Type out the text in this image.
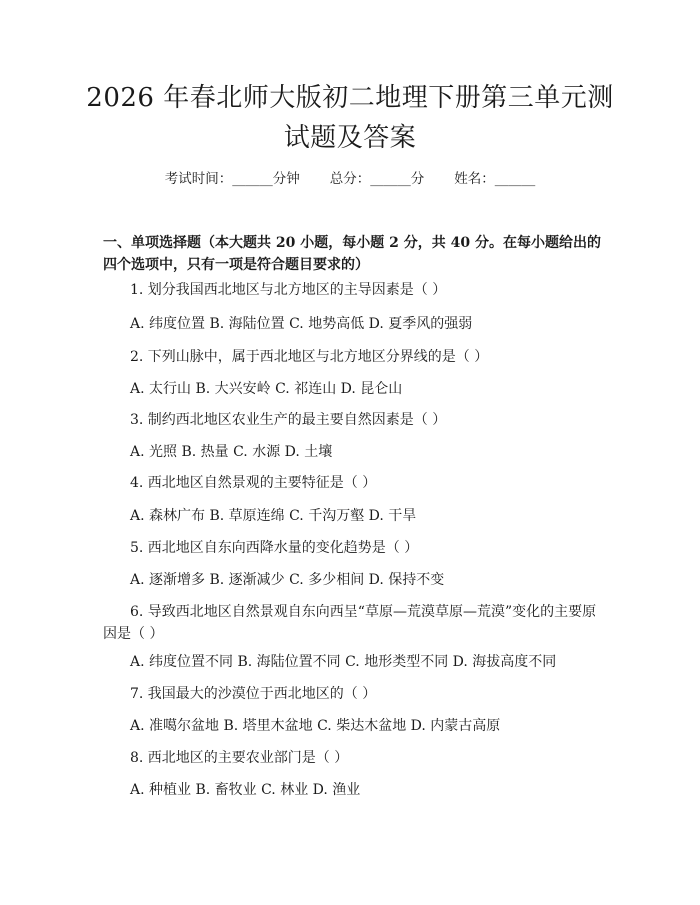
2026 年春北师大版初二地理下册第三单元测
试题及答案
考试时间：______分钟 总分：______分 姓名：______
一、单项选择题（本大题共 20 小题，每小题 2 分，共 40 分。在每小题给出的四个选项中，只有一项是符合题目要求的）
1. 划分我国西北地区与北方地区的主导因素是（ ）
A. 纬度位置 B. 海陆位置 C. 地势高低 D. 夏季风的强弱
2. 下列山脉中，属于西北地区与北方地区分界线的是（ ）
A. 太行山 B. 大兴安岭 C. 祁连山 D. 昆仑山
3. 制约西北地区农业生产的最主要自然因素是（ ）
A. 光照 B. 热量 C. 水源 D. 土壤
4. 西北地区自然景观的主要特征是（ ）
A. 森林广布 B. 草原连绵 C. 千沟万壑 D. 干旱
5. 西北地区自东向西降水量的变化趋势是（ ）
A. 逐渐增多 B. 逐渐减少 C. 多少相间 D. 保持不变
6. 导致西北地区自然景观自东向西呈“草原—荒漠草原—荒漠”变化的主要原因是（ ）
A. 纬度位置不同 B. 海陆位置不同 C. 地形类型不同 D. 海拔高度不同
7. 我国最大的沙漠位于西北地区的（ ）
A. 准噶尔盆地 B. 塔里木盆地 C. 柴达木盆地 D. 内蒙古高原
8. 西北地区的主要农业部门是（ ）
A. 种植业 B. 畜牧业 C. 林业 D. 渔业
